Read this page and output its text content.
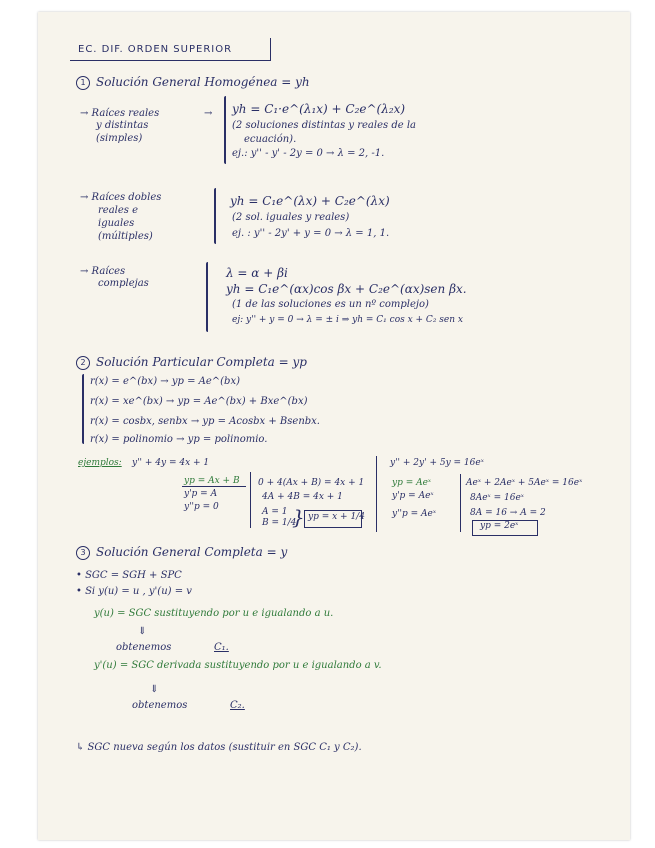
EC. DIF. ORDEN SUPERIOR
1 Solución General Homogénea = yh
→ Raíces reales
y distintas
(simples)
→ yh = C₁·e^(λ₁x) + C₂e^(λ₂x)
(2 soluciones distintas y reales de la
ecuación).
ej.: y'' - y' - 2y = 0 → λ = 2, -1.
→ Raíces dobles
reales e
iguales
(múltiples)
yh = C₁e^(λx) + C₂e^(λx)
(2 sol. iguales y reales)
ej. : y'' - 2y' + y = 0 → λ = 1, 1.
→ Raíces
complejas
λ = α + βi
yh = C₁e^(αx)cos βx + C₂e^(αx)sen βx.
(1 de las soluciones es un nº complejo)
ej: y'' + y = 0 → λ = ± i ⇒ yh = C₁ cos x + C₂ sen x
2 Solución Particular Completa = yp
r(x) = e^(bx) → yp = Ae^(bx)
r(x) = xe^(bx) → yp = Ae^(bx) + Bxe^(bx)
r(x) = cosbx, senbx → yp = Acosbx + Bsenbx.
r(x) = polinomio → yp = polinomio.
ejemplos: y'' + 4y = 4x + 1
yp = Ax + B
y'p = A
y''p = 0
0 + 4(Ax + B) = 4x + 1
4A + 4B = 4x + 1
A = 1
B = 1/4
} yp = x + 1/4
y'' + 2y' + 5y = 16eˣ
yp = Aeˣ
y'p = Aeˣ
y''p = Aeˣ
Aeˣ + 2Aeˣ + 5Aeˣ = 16eˣ
8Aeˣ = 16eˣ
8A = 16 → A = 2
yp = 2eˣ
3 Solución General Completa = y
• SGC = SGH + SPC
• Si y(u) = u , y'(u) = v
y(u) = SGC sustituyendo por u e igualando a u.
⇓
obtenemos	C₁.
y'(u) = SGC derivada sustituyendo por u e igualando a v.
⇓
obtenemos	C₂.
↳ SGC nueva según los datos (sustituir en SGC C₁ y C₂).
